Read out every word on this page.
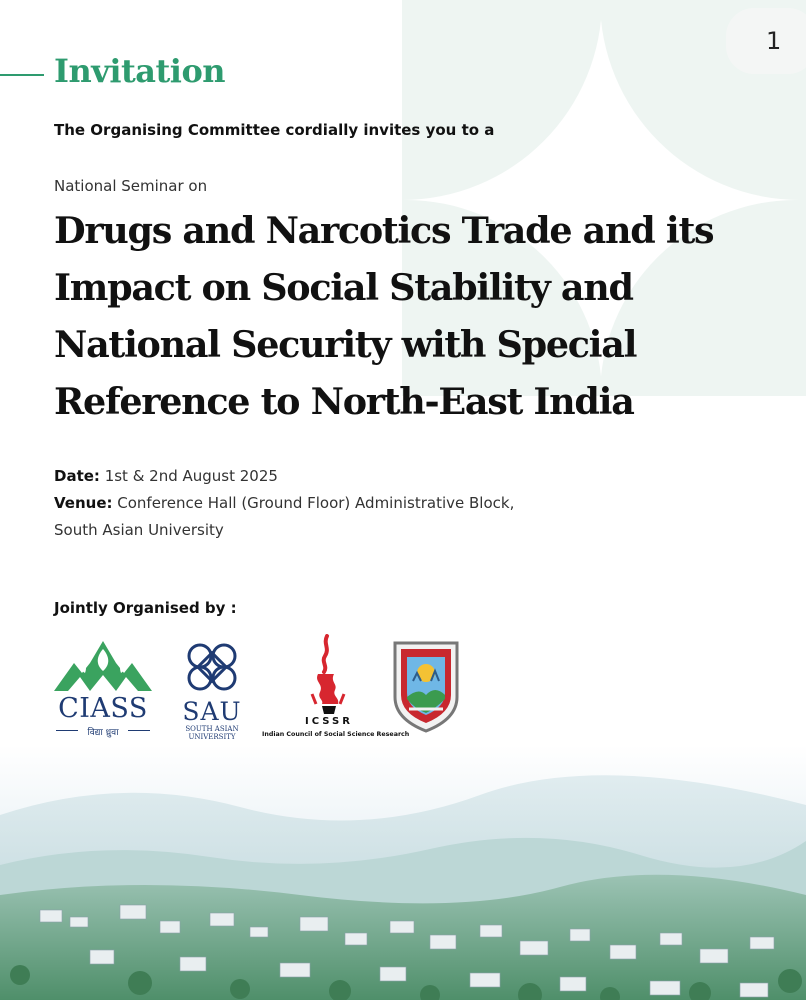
1
Invitation
The Organising Committee cordially invites you to a
National Seminar on
Drugs and Narcotics Trade and its Impact on Social Stability and National Security with Special Reference to North-East India
Date: 1st & 2nd August 2025
Venue: Conference Hall (Ground Floor) Administrative Block,
South Asian University
Jointly Organised by :
CIASS
विद्या ध्रुवा
SAU
SOUTH ASIAN
UNIVERSITY
ICSSR
Indian Council of Social Science Research
